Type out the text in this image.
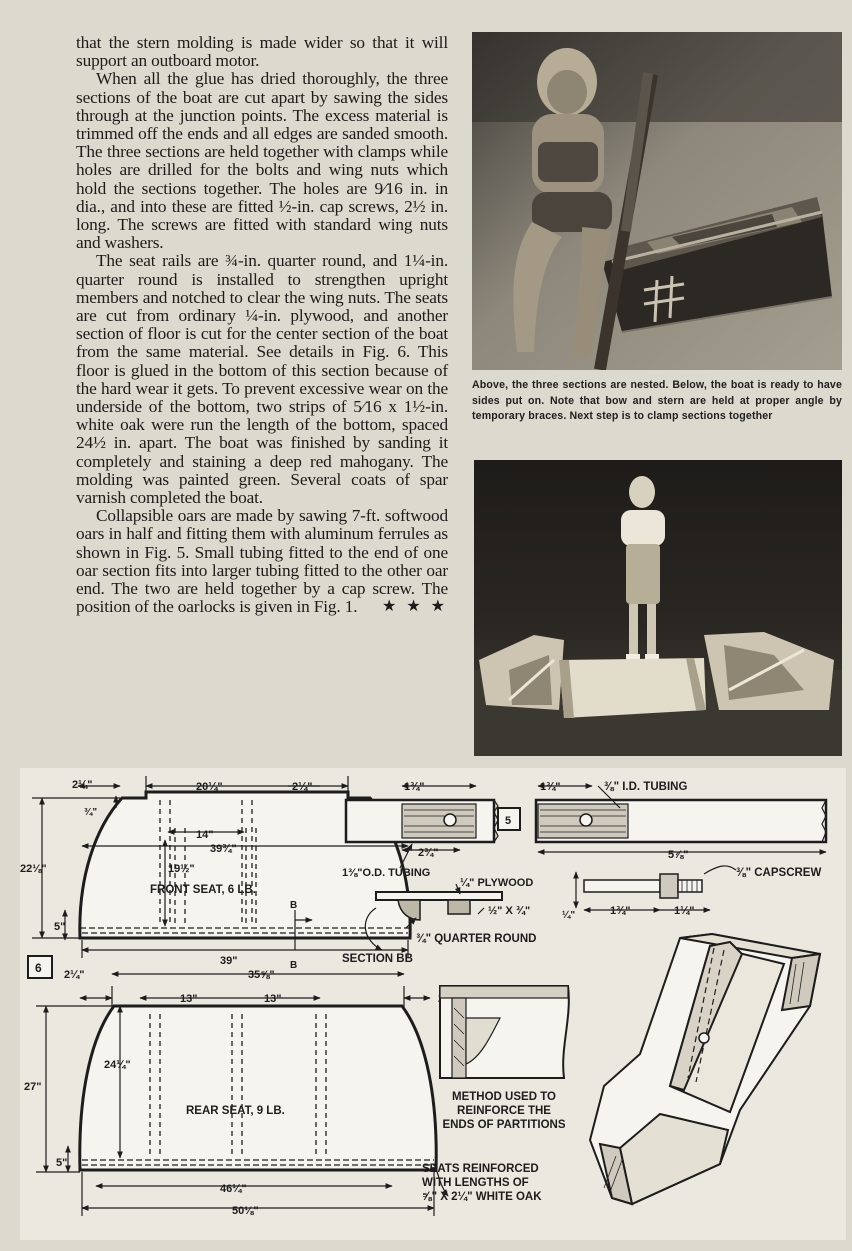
that the stern molding is made wider so that it will support an outboard motor.

When all the glue has dried thoroughly, the three sections of the boat are cut apart by sawing the sides through at the junction points. The excess material is trimmed off the ends and all edges are sanded smooth. The three sections are held together with clamps while holes are drilled for the bolts and wing nuts which hold the sections together. The holes are 9⁄16 in. in dia., and into these are fitted ½-in. cap screws, 2½ in. long. The screws are fitted with standard wing nuts and washers.

The seat rails are ¾-in. quarter round, and 1¼-in. quarter round is installed to strengthen upright members and notched to clear the wing nuts. The seats are cut from ordinary ¼-in. plywood, and another section of floor is cut for the center section of the boat from the same material. See details in Fig. 6. This floor is glued in the bottom of this section because of the hard wear it gets. To prevent excessive wear on the underside of the bottom, two strips of 5⁄16 x 1½-in. white oak were run the length of the bottom, spaced 24½ in. apart. The boat was finished by sanding it completely and staining a deep red mahogany. The molding was painted green. Several coats of spar varnish completed the boat.

Collapsible oars are made by sawing 7-ft. softwood oars in half and fitting them with aluminum ferrules as shown in Fig. 5. Small tubing fitted to the end of one oar section fits into larger tubing fitted to the other oar end. The two are held together by a cap screw. The position of the oarlocks is given in Fig. 1.	★ ★ ★

Above, the three sections are nested. Below, the boat is ready to have sides put on. Note that bow and stern are held at proper angle by temporary braces. Next step is to clamp sections together
2¼"	20¼"	2¼"
¾"
14"
39¾"
22⅛"	19½"
FRONT SEAT, 6 LB.
5"
39"
B
B
1¾"	1¾"	⅜" I.D. TUBING
5
2¾"	5⅞"
1⅜"O.D. TUBING	⅜" CAPSCREW
¼"	1¾"	1¼"
¼" PLYWOOD
½" X ¾"
¾" QUARTER ROUND
SECTION BB
6 2¼"	35⅝"
13"	13"
27"
24¼"
REAR SEAT, 9 LB.
5"
46¼"
50⅛"
METHOD USED TO
REINFORCE THE
ENDS OF PARTITIONS
SEATS REINFORCED
WITH LENGTHS OF
⅝" X 2¼" WHITE OAK
